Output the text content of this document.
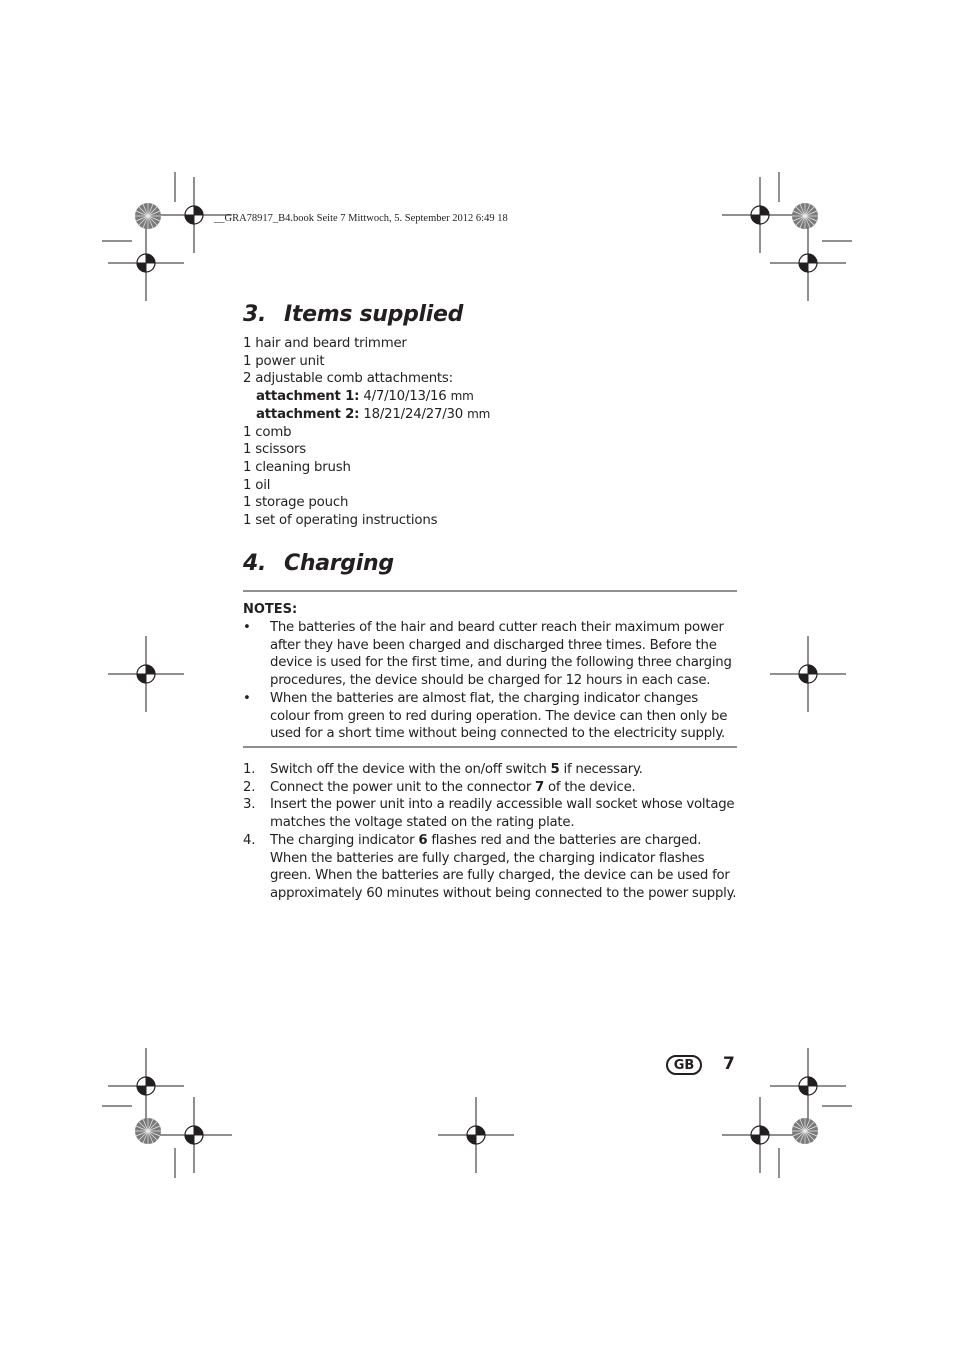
__GRA78917_B4.book Seite 7 Mittwoch, 5. September 2012 6:49 18
3. Items supplied
1 hair and beard trimmer
1 power unit
2 adjustable comb attachments:
attachment 1: 4/7/10/13/16 mm
attachment 2: 18/21/24/27/30 mm
1 comb
1 scissors
1 cleaning brush
1 oil
1 storage pouch
1 set of operating instructions
4. Charging

NOTES:

• The batteries of the hair and beard cutter reach their maximum power after they have been charged and discharged three times. Before the device is used for the first time, and during the following three charging procedures, the device should be charged for 12 hours in each case.
• When the batteries are almost flat, the charging indicator changes colour from green to red during operation. The device can then only be used for a short time without being connected to the electricity supply.
1. Switch off the device with the on/off switch 5 if necessary.
2. Connect the power unit to the connector 7 of the device.
3. Insert the power unit into a readily accessible wall socket whose voltage matches the voltage stated on the rating plate.
4. The charging indicator 6 flashes red and the batteries are charged. When the batteries are fully charged, the charging indicator flashes green. When the batteries are fully charged, the device can be used for approximately 60 minutes without being connected to the power supply.
GB	7
